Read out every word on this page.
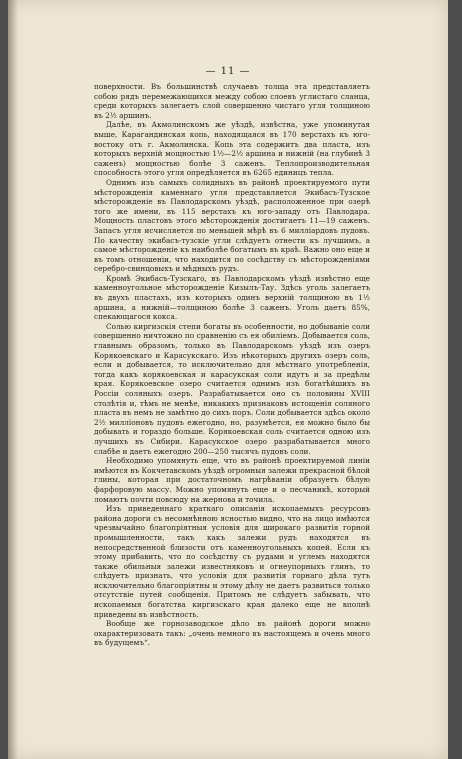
— 11 —

поверхности. Въ большинствѣ случаевъ толща эта представляетъ собою рядъ перемежающихся между собою слоевъ углистаго сланца, среди которыхъ залегаетъ слой совершенно чистаго угля толщиною въ 2½ аршинъ.

Далѣе, въ Акмолинскомъ же уѣздѣ, извѣстна, уже упоминутая выше, Карагандинская копь, находящаяся въ 170 верстахъ къ юго-востоку отъ г. Акмолинска. Копь эта содержитъ два пласта, изъ которыхъ верхній мощностью 1½—2½ аршина и нижній (на глубинѣ 3 саженъ) мощностью болѣе 3 саженъ. Теплопроизводительная способность этого угля опредѣляется въ 6265 единицъ тепла.

Однимъ изъ самыхъ солидныхъ въ районѣ проектируемого пути мѣсторожденія каменнаго угля представляется Экибасъ-Тузское мѣсторожденіе въ Павлодарскомъ уѣздѣ, расположенное при озерѣ того же имени, въ 115 верстахъ къ юго-западу отъ Павлодара. Мощность пластовъ этого мѣсторожденія достигаетъ 11—19 саженъ. Запасъ угля исчисляется по меньшей мѣрѣ въ 6 милліардовъ пудовъ. По качеству экибасъ-тузскіе угли слѣдуетъ отнести къ лучшимъ, а самое мѣсторожденіе къ наиболѣе богатымъ въ краѣ. Важно оно еще и въ томъ отношеніи, что находится по сосѣдству съ мѣсторожденіями серебро-свинцовыхъ и мѣдныхъ рудъ.

Кромѣ Экибасъ-Тузскаго, въ Павлодарскомъ уѣздѣ извѣстно еще каменноугольное мѣсторожденіе Кизылъ-Тау. Здѣсь уголь залегаетъ въ двухъ пластахъ, изъ которыхъ одинъ верхній толщиною въ 1½ аршина, а нижній—толщиною болѣе 3 саженъ. Уголь даетъ 85%, спекающагося кокса.

Солью киргизскія степи богаты въ особенности, но добываніе соли совершенно ничтожно по сравненію съ ея обиліемъ. Добывается соль, главнымъ образомъ, только въ Павлодарскомъ уѣздѣ изъ озеръ Корякоевскаго и Карасукскаго. Изъ нѣкоторыхъ другихъ озеръ соль, если и добывается, то исключительно для мѣстнаго употребленія, тогда какъ корякоевская и карасукская соли идутъ и за предѣлы края. Корякоевское озеро считается однимъ изъ богатѣйшихъ въ Россіи соляныхъ озеръ. Разрабатывается оно съ половины XVIII столѣтія и, тѣмъ не менѣе, никакихъ признаковъ истощенія соляного пласта въ немъ не замѣтно до сихъ поръ. Соли добывается здѣсь около 2½ милліоновъ пудовъ ежегодно, но, разумѣется, ея можно было бы добывать и гораздо больше. Корякоевская соль считается одною изъ лучшихъ въ Сибири. Карасукское озеро разрабатывается много слабѣе и даетъ ежегодно 200—250 тысячъ пудовъ соли.

Необходимо упомянуть еще, что въ районѣ проектируемой линіи имѣются въ Кокчетавскомъ уѣздѣ огромныя залежи прекрасной бѣлой глины, которая при достаточномъ нагрѣваніи образуетъ бѣлую фарфоровую массу. Можно упомянуть еще и о песчаникѣ, который ломаютъ почти повсюду на жернова и точила.

Изъ приведеннаго краткаго описанія ископаемыхъ ресурсовъ района дороги съ несомнѣнною ясностью видно, что на лицо имѣются чрезвычайно благопріятныя условія для широкаго развитія горной промышленности, такъ какъ залежи рудъ находятся въ непосредственной близости отъ каменноугольныхъ копей. Если къ этому прибавить, что по сосѣдству съ рудами и углемъ находятся также обильныя залежи известняковъ и огнеупорныхъ глинъ, то слѣдуетъ признать, что условія для развитія горнаго дѣла тутъ исключительно благопріятны и этому дѣлу не даетъ развиться только отсутствіе путей сообщенія. Притомъ не слѣдуетъ забывать, что ископаемыя богатства киргизскаго края далеко еще не вполнѣ приведены въ извѣстность.

Вообще же горнозаводское дѣло въ районѣ дороги можно охарактеризовать такъ: „очень немного въ настоящемъ и очень много въ будущемъ“.
